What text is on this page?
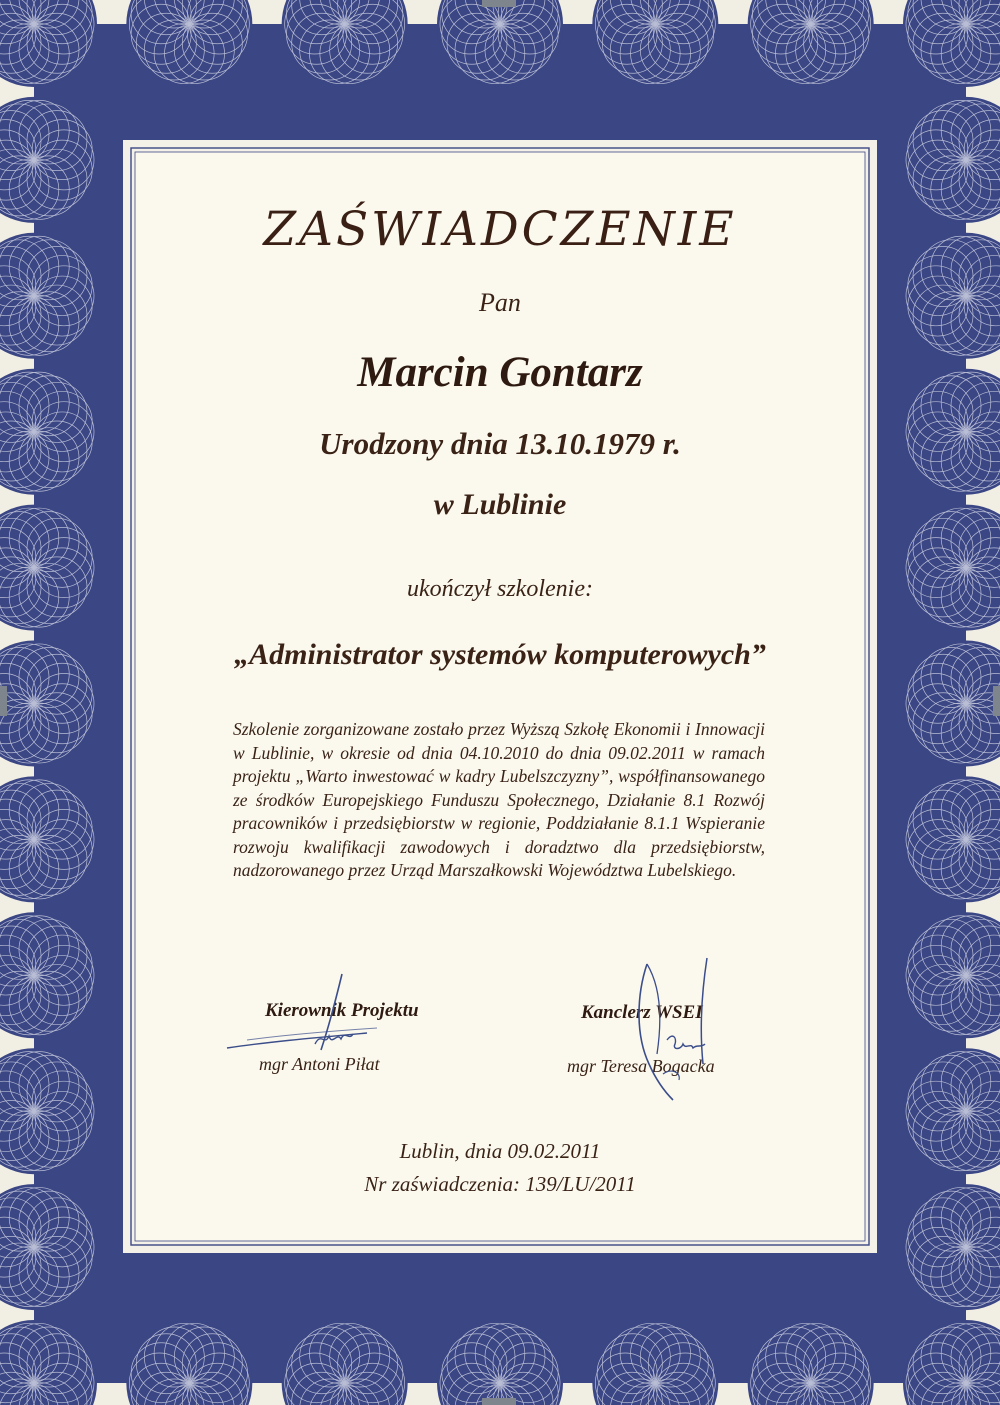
ZAŚWIADCZENIE

Pan

Marcin Gontarz

Urodzony dnia 13.10.1979 r.

w Lublinie

ukończył szkolenie:

„Administrator systemów komputerowych”

Szkolenie zorganizowane zostało przez Wyższą Szkołę Ekonomii i Innowacji w Lublinie, w okresie od dnia 04.10.2010 do dnia 09.02.2011 w ramach projektu „Warto inwestować w kadry Lubelszczyzny”, współfinansowanego ze środków Europejskiego Funduszu Społecznego, Działanie 8.1 Rozwój pracowników i przedsiębiorstw w regionie, Poddziałanie 8.1.1 Wspieranie rozwoju kwalifikacji zawodowych i doradztwo dla przedsiębiorstw, nadzorowanego przez Urząd Marszałkowski Województwa Lubelskiego.

Kierownik Projektu

mgr Antoni Piłat

Kanclerz WSEI

mgr Teresa Bogacka

Lublin, dnia 09.02.2011

Nr zaświadczenia: 139/LU/2011
